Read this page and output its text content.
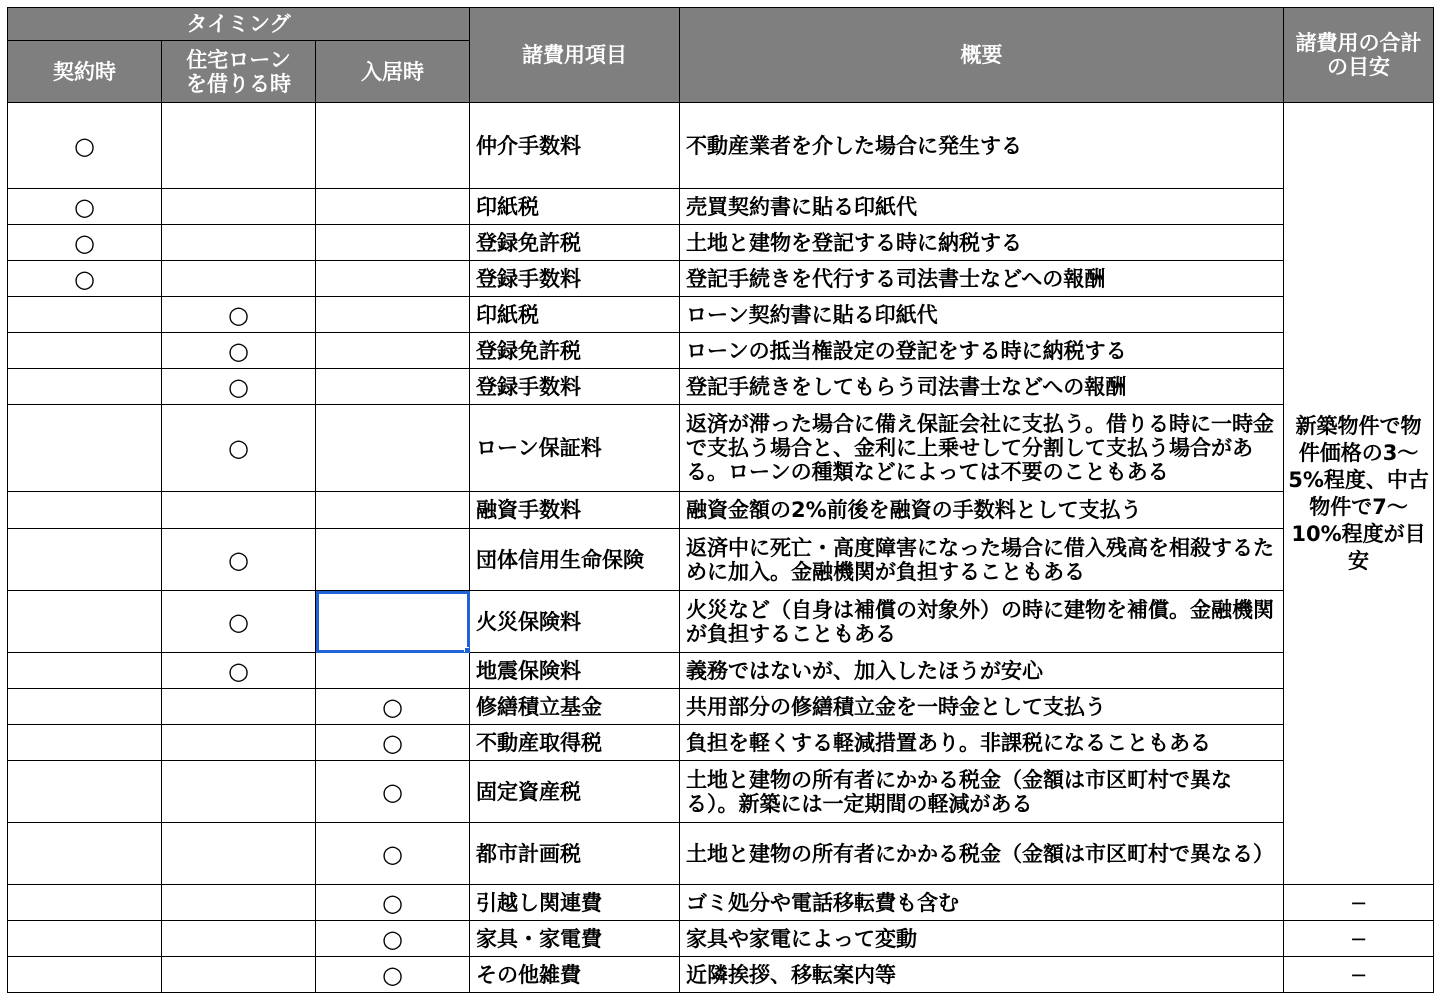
タイミング			諸費用項目	概要	諸費用の合計の目安
契約時	住宅ローンを借りる時	入居時			
○			仲介手数料	不動産業者を介した場合に発生する	新築物件で物件価格の3〜5%程度、中古物件で7〜10%程度が目安
○			印紙税	売買契約書に貼る印紙代	
○			登録免許税	土地と建物を登記する時に納税する	
○			登録手数料	登記手続きを代行する司法書士などへの報酬	
	○		印紙税	ローン契約書に貼る印紙代	
	○		登録免許税	ローンの抵当権設定の登記をする時に納税する	
	○		登録手数料	登記手続きをしてもらう司法書士などへの報酬	
	○		ローン保証料	返済が滞った場合に備え保証会社に支払う。借りる時に一時金で支払う場合と、金利に上乗せして分割して支払う場合がある。ローンの種類などによっては不要のこともある	
			融資手数料	融資金額の2%前後を融資の手数料として支払う	
	○		団体信用生命保険	返済中に死亡・高度障害になった場合に借入残高を相殺するために加入。金融機関が負担することもある	
	○		火災保険料	火災など（自身は補償の対象外）の時に建物を補償。金融機関が負担することもある	
	○		地震保険料	義務ではないが、加入したほうが安心	
		○	修繕積立基金	共用部分の修繕積立金を一時金として支払う	
		○	不動産取得税	負担を軽くする軽減措置あり。非課税になることもある	
		○	固定資産税	土地と建物の所有者にかかる税金（金額は市区町村で異なる）。新築には一定期間の軽減がある	
		○	都市計画税	土地と建物の所有者にかかる税金（金額は市区町村で異なる）	
		○	引越し関連費	ゴミ処分や電話移転費も含む	−
		○	家具・家電費	家具や家電によって変動	−
		○	その他雑費	近隣挨拶、移転案内等	−
